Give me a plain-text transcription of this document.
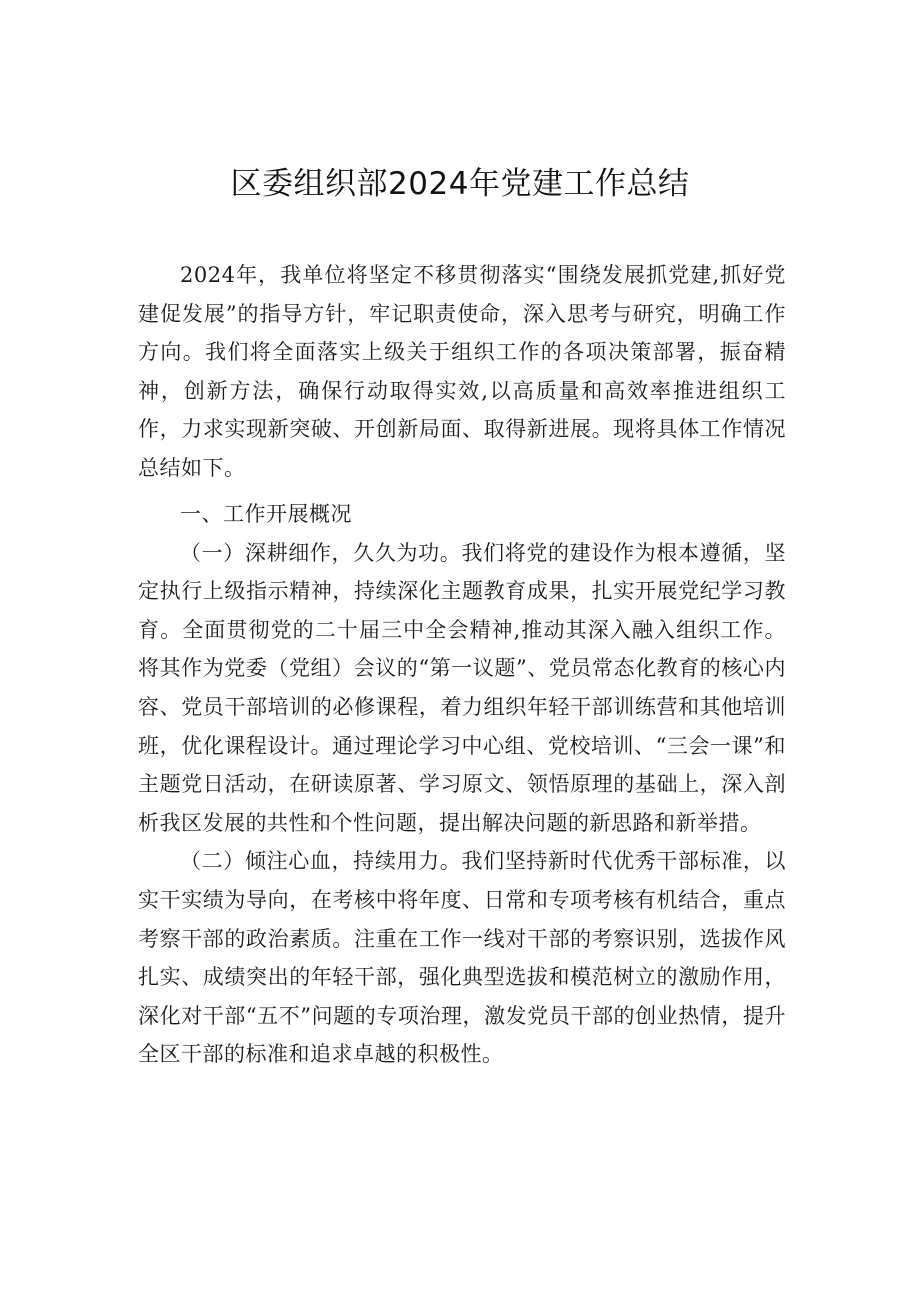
区委组织部2024年党建工作总结

2024年，我单位将坚定不移贯彻落实“围绕发展抓党建,抓好党建促发展”的指导方针，牢记职责使命，深入思考与研究，明确工作方向。我们将全面落实上级关于组织工作的各项决策部署，振奋精神，创新方法，确保行动取得实效,以高质量和高效率推进组织工作，力求实现新突破、开创新局面、取得新进展。现将具体工作情况总结如下。

一、工作开展概况

（一）深耕细作，久久为功。我们将党的建设作为根本遵循，坚定执行上级指示精神，持续深化主题教育成果，扎实开展党纪学习教育。全面贯彻党的二十届三中全会精神,推动其深入融入组织工作。将其作为党委（党组）会议的“第一议题”、党员常态化教育的核心内容、党员干部培训的必修课程，着力组织年轻干部训练营和其他培训班，优化课程设计。通过理论学习中心组、党校培训、“三会一课”和主题党日活动，在研读原著、学习原文、领悟原理的基础上，深入剖析我区发展的共性和个性问题，提出解决问题的新思路和新举措。

（二）倾注心血，持续用力。我们坚持新时代优秀干部标准，以实干实绩为导向，在考核中将年度、日常和专项考核有机结合，重点考察干部的政治素质。注重在工作一线对干部的考察识别，选拔作风扎实、成绩突出的年轻干部，强化典型选拔和模范树立的激励作用，深化对干部“五不”问题的专项治理，激发党员干部的创业热情，提升全区干部的标准和追求卓越的积极性。
